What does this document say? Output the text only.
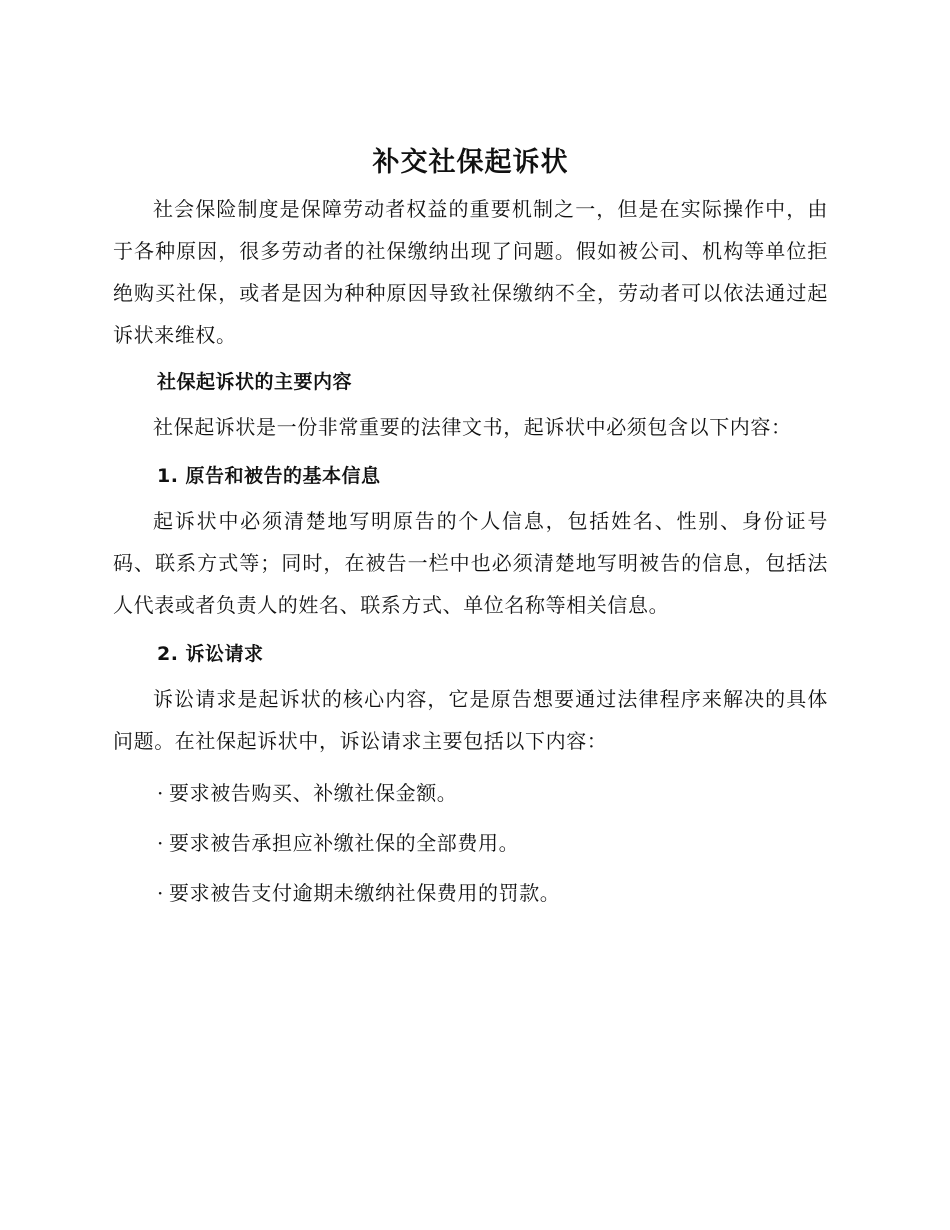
补交社保起诉状

社会保险制度是保障劳动者权益的重要机制之一，但是在实际操作中，由于各种原因，很多劳动者的社保缴纳出现了问题。假如被公司、机构等单位拒绝购买社保，或者是因为种种原因导致社保缴纳不全，劳动者可以依法通过起诉状来维权。

社保起诉状的主要内容

社保起诉状是一份非常重要的法律文书，起诉状中必须包含以下内容：

1. 原告和被告的基本信息

起诉状中必须清楚地写明原告的个人信息，包括姓名、性别、身份证号码、联系方式等；同时，在被告一栏中也必须清楚地写明被告的信息，包括法人代表或者负责人的姓名、联系方式、单位名称等相关信息。

2. 诉讼请求

诉讼请求是起诉状的核心内容，它是原告想要通过法律程序来解决的具体问题。在社保起诉状中，诉讼请求主要包括以下内容：

· 要求被告购买、补缴社保金额。
· 要求被告承担应补缴社保的全部费用。
· 要求被告支付逾期未缴纳社保费用的罚款。
